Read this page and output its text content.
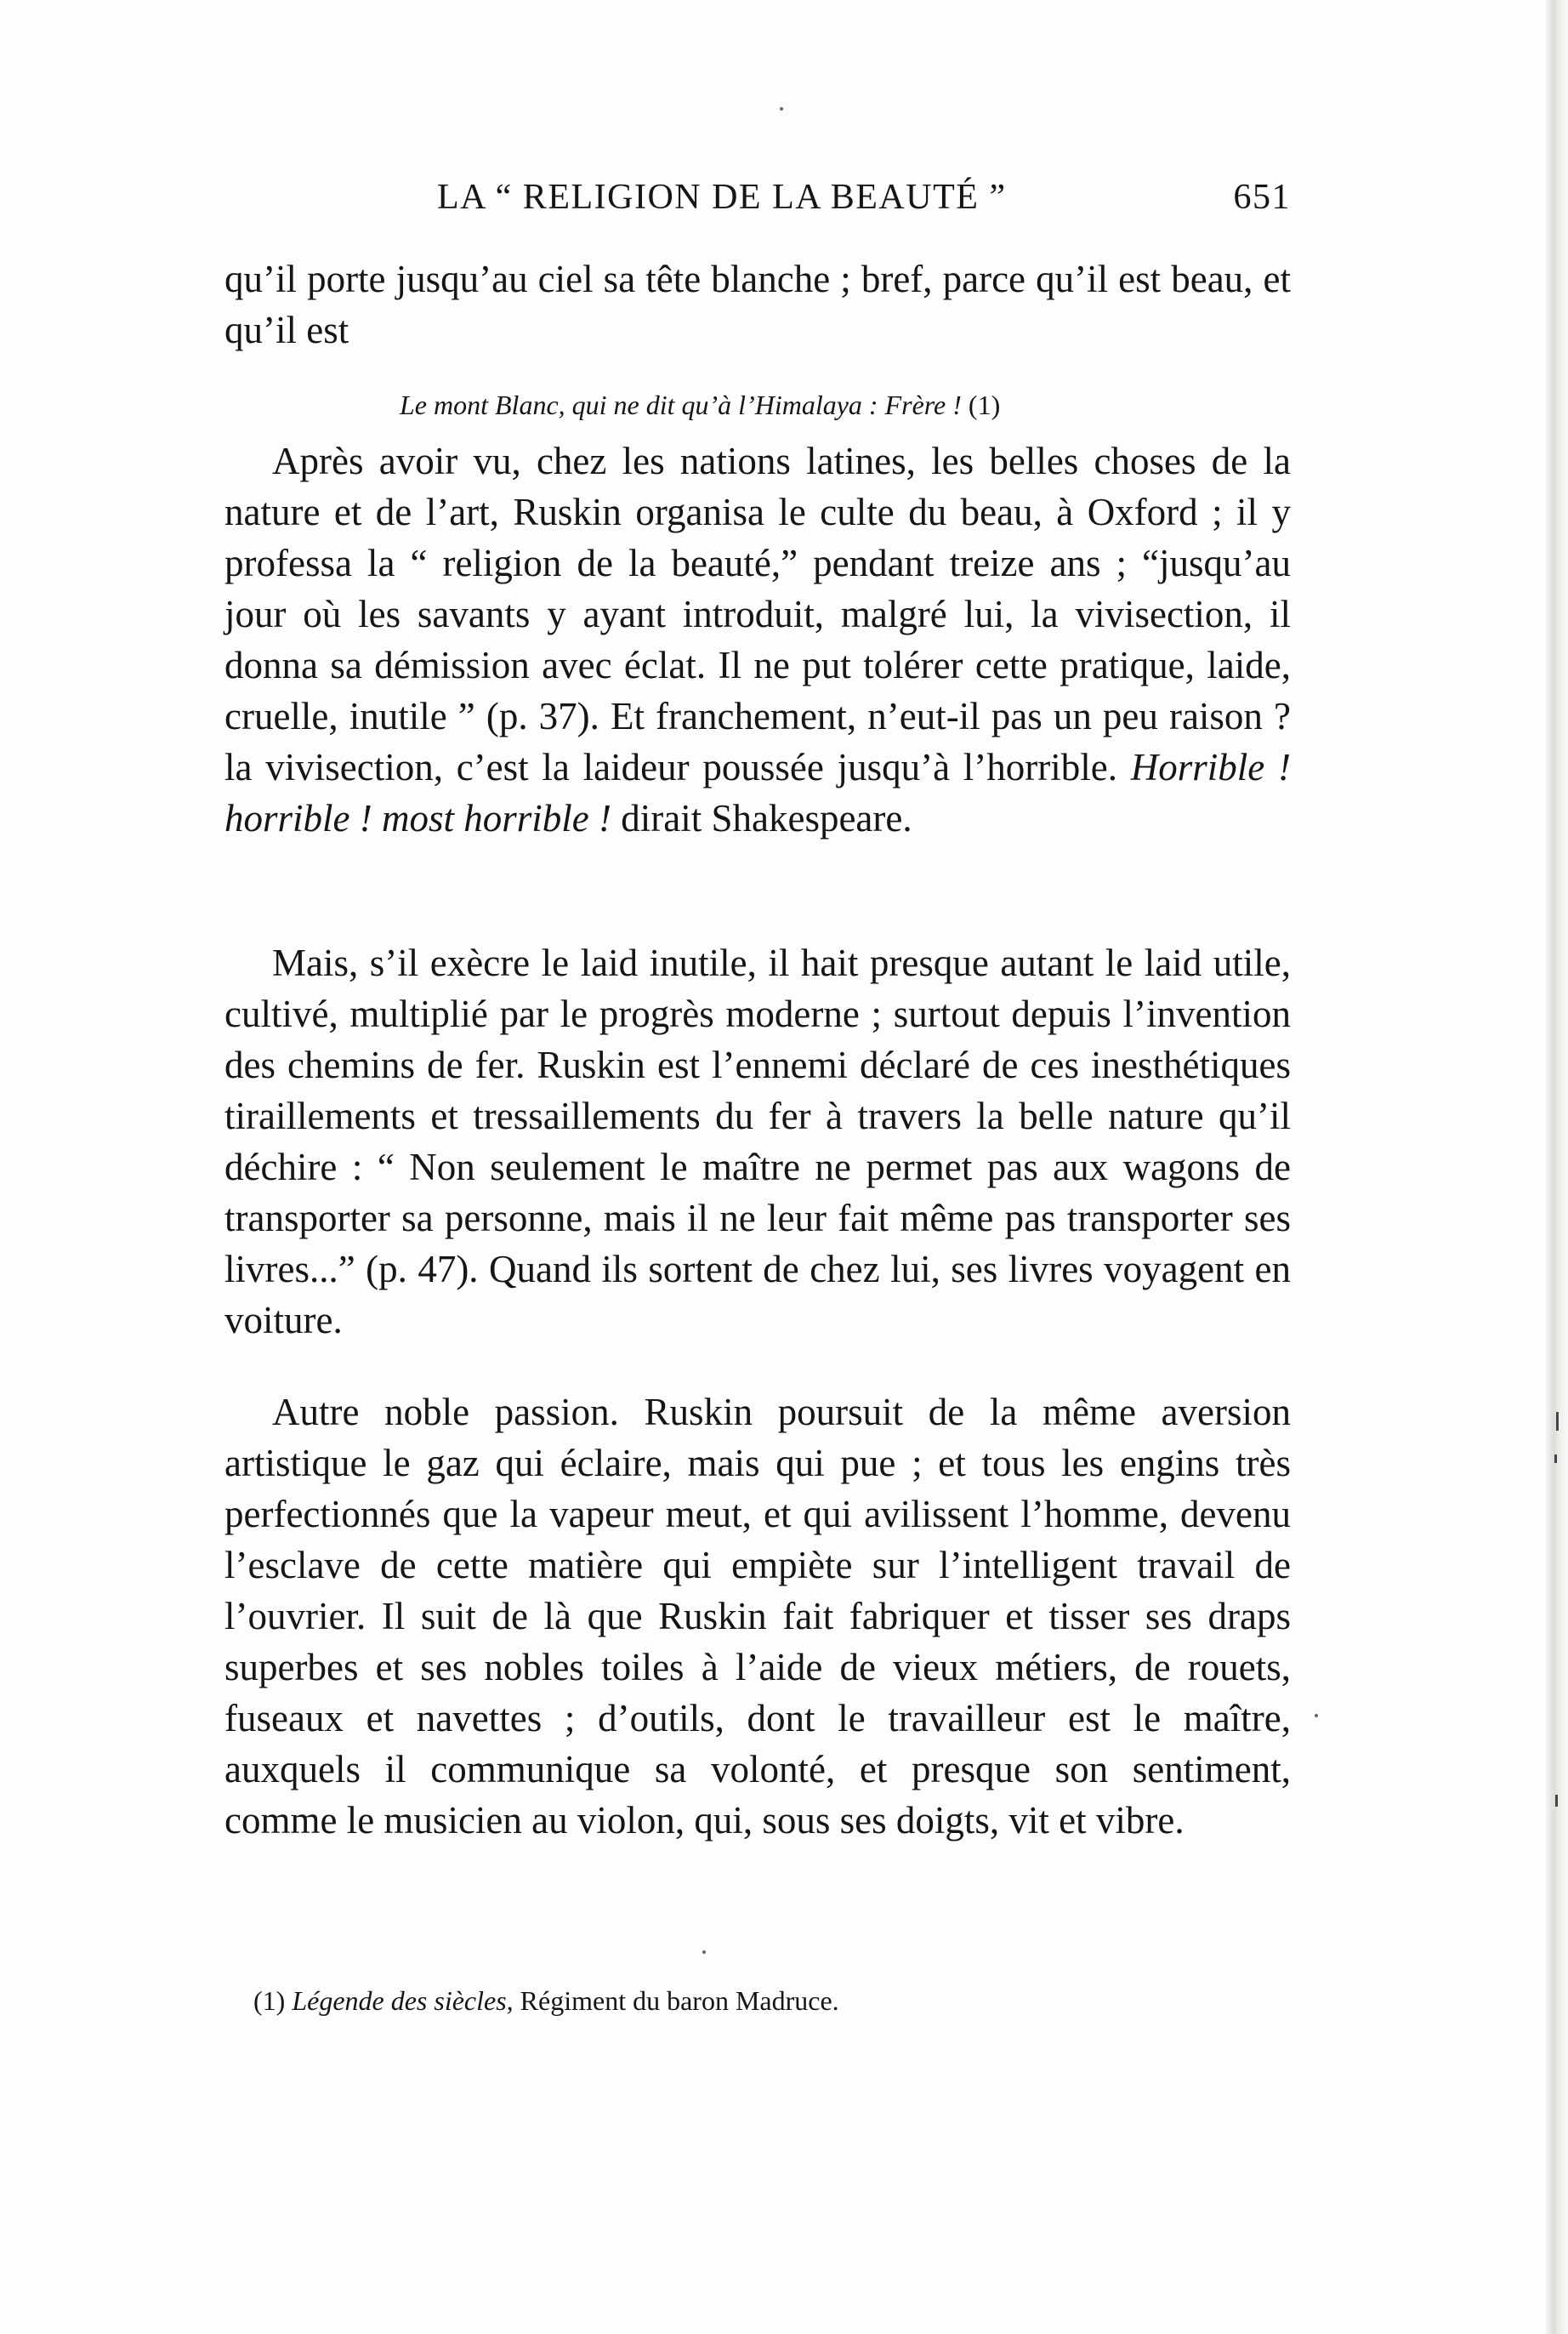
LA “ RELIGION DE LA BEAUTÉ ”	651
qu’il porte jusqu’au ciel sa tête blanche ; bref, parce qu’il est beau, et qu’il est
Le mont Blanc, qui ne dit qu’à l’Himalaya : Frère ! (1)
Après avoir vu, chez les nations latines, les belles choses de la nature et de l’art, Ruskin organisa le culte du beau, à Oxford ; il y professa la “ religion de la beauté,” pendant treize ans ; “jusqu’au jour où les savants y ayant introduit, malgré lui, la vivisection, il donna sa démission avec éclat. Il ne put tolérer cette pratique, laide, cruelle, inutile ” (p. 37). Et franchement, n’eut-il pas un peu raison ? la vivisection, c’est la laideur poussée jusqu’à l’horrible. Horrible ! horrible ! most horrible ! dirait Shakespeare.
Mais, s’il exècre le laid inutile, il hait presque autant le laid utile, cultivé, multiplié par le progrès moderne ; surtout depuis l’invention des chemins de fer. Ruskin est l’ennemi déclaré de ces inesthétiques tiraillements et tressaillements du fer à travers la belle nature qu’il déchire : “ Non seulement le maître ne permet pas aux wagons de transporter sa personne, mais il ne leur fait même pas transporter ses livres...” (p. 47). Quand ils sortent de chez lui, ses livres voyagent en voiture.
Autre noble passion. Ruskin poursuit de la même aversion artistique le gaz qui éclaire, mais qui pue ; et tous les engins très perfectionnés que la vapeur meut, et qui avilissent l’homme, devenu l’esclave de cette matière qui empiète sur l’intelligent travail de l’ouvrier. Il suit de là que Ruskin fait fabriquer et tisser ses draps superbes et ses nobles toiles à l’aide de vieux métiers, de rouets, fuseaux et navettes ; d’outils, dont le travailleur est le maître, auxquels il communique sa volonté, et presque son sentiment, comme le musicien au violon, qui, sous ses doigts, vit et vibre.
(1) Légende des siècles, Régiment du baron Madruce.
